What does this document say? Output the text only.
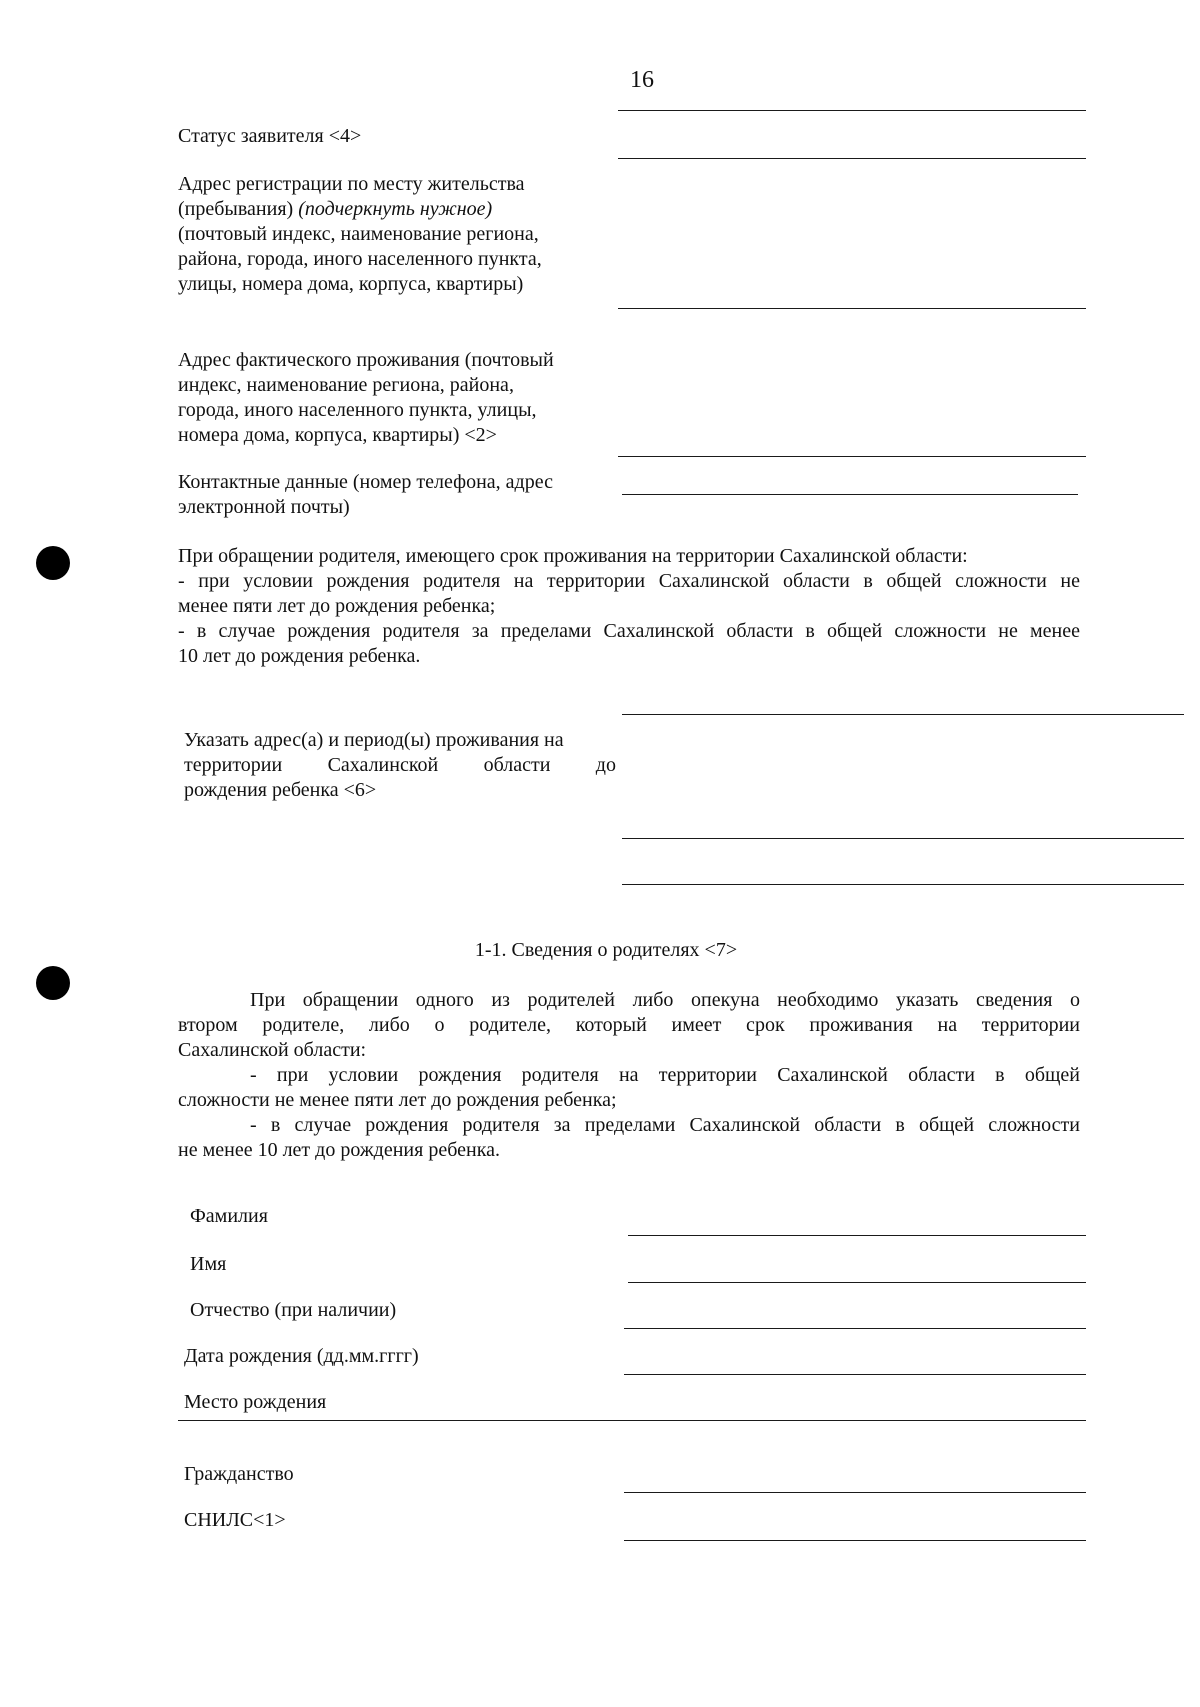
16
Статус заявителя <4>
Адрес регистрации по месту жительства
(пребывания) (подчеркнуть нужное)
(почтовый индекс, наименование региона,
района, города, иного населенного пункта,
улицы, номера дома, корпуса, квартиры)
Адрес фактического проживания (почтовый
индекс, наименование региона, района,
города, иного населенного пункта, улицы,
номера дома, корпуса, квартиры) <2>
Контактные данные (номер телефона, адрес
электронной почты)
При обращении родителя, имеющего срок проживания на территории Сахалинской области:
- при условии рождения родителя на территории Сахалинской области в общей сложности не
менее пяти лет до рождения ребенка;
- в случае рождения родителя за пределами Сахалинской области в общей сложности не менее
10 лет до рождения ребенка.
Указать адрес(а) и период(ы) проживания на
территории Сахалинской области до
рождения ребенка <6>
1-1. Сведения о родителях <7>
При обращении одного из родителей либо опекуна необходимо указать сведения о
втором родителе, либо о родителе, который имеет срок проживания на территории
Сахалинской области:
- при условии рождения родителя на территории Сахалинской области в общей
сложности не менее пяти лет до рождения ребенка;
- в случае рождения родителя за пределами Сахалинской области в общей сложности
не менее 10 лет до рождения ребенка.
Фамилия
Имя
Отчество (при наличии)
Дата рождения (дд.мм.гггг)
Место рождения
Гражданство
СНИЛС<1>
